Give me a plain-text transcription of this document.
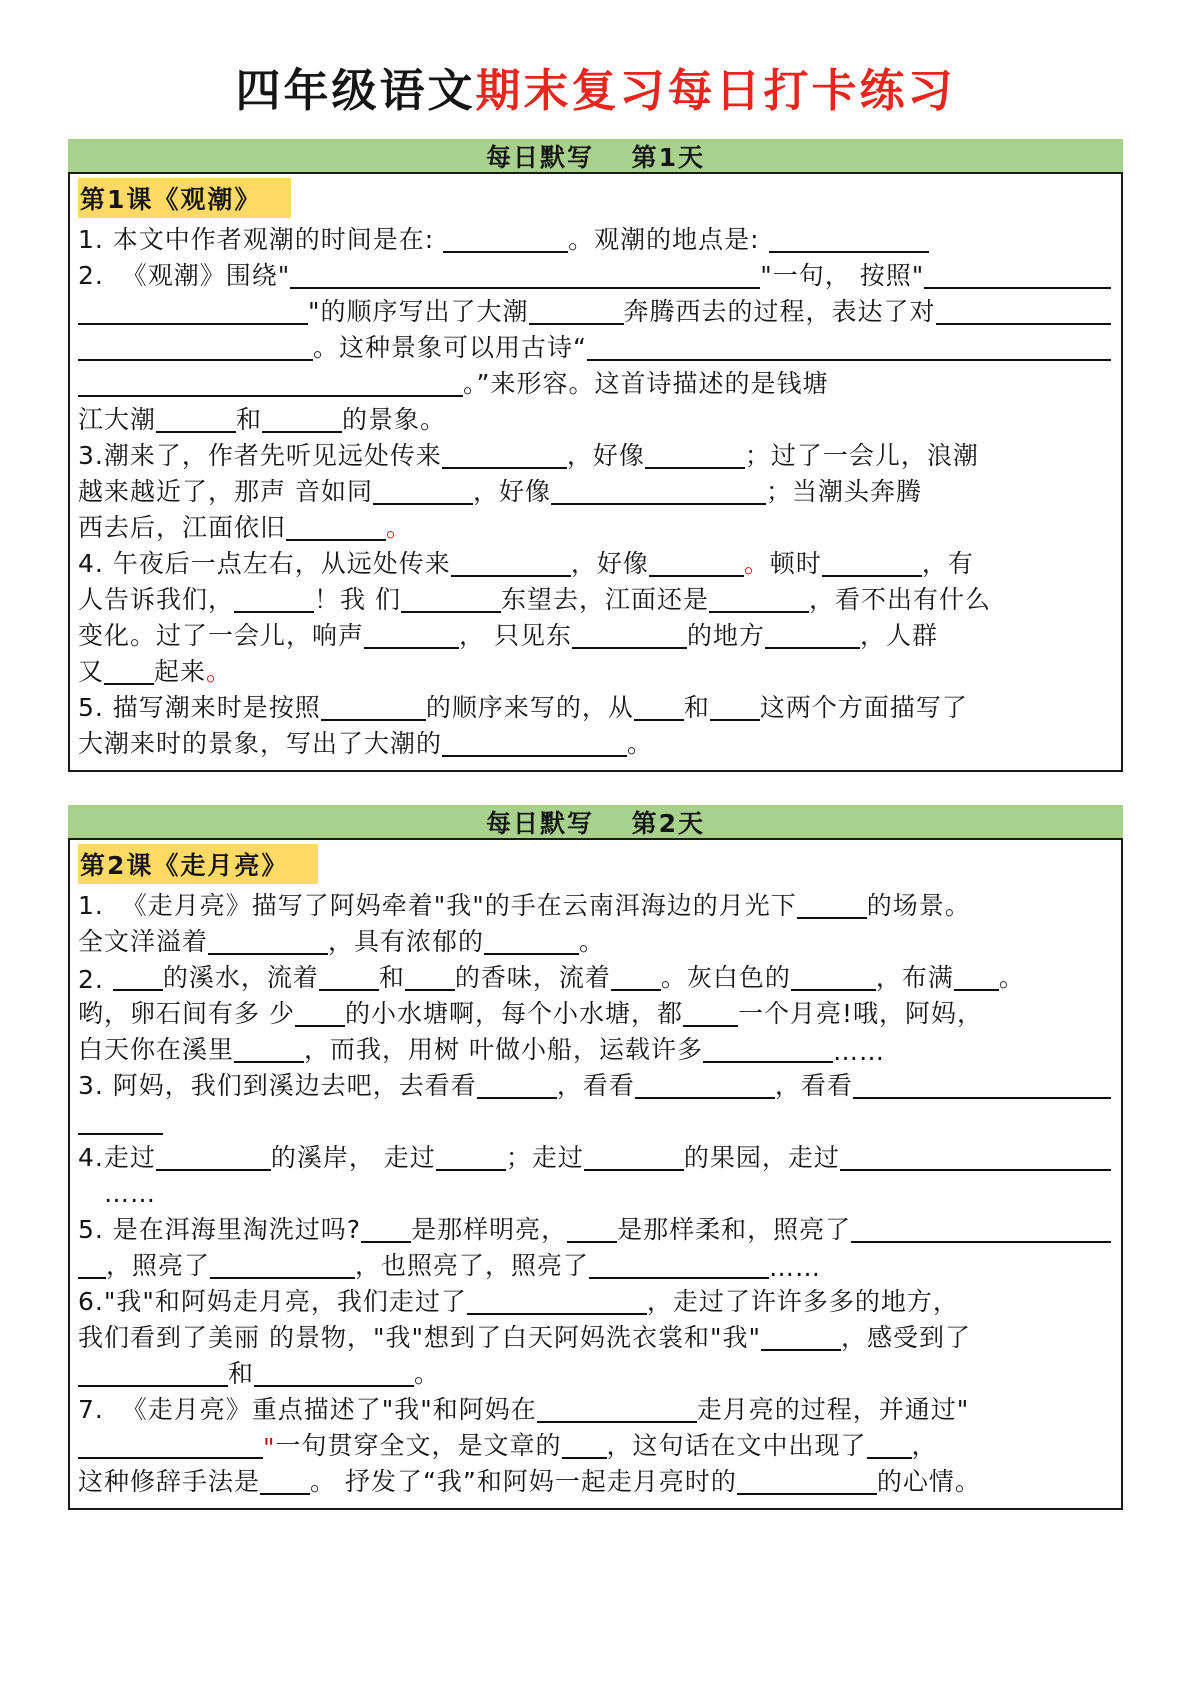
四年级语文期末复习每日打卡练习
每日默写　 第1天
第1课《观潮》
1. 本文中作者观潮的时间是在:	。观潮的地点是:
2.  《观潮》围绕"	"一句， 按照"
"的顺序写出了大潮	奔腾西去的过程，表达了对
。这种景象可以用古诗“
。”来形容。这首诗描述的是钱塘
江大潮	和	的景象。
3.潮来了，作者先听见远处传来	，好像	；过了一会儿，浪潮
越来越近了，那声 音如同	，好像	；当潮头奔腾
西去后，江面依旧	。
4. 午夜后一点左右，从远处传来	，好像	。 顿时	，有
人告诉我们，	！我 们	东望去，江面还是	，看不出有什么
变化。过了一会儿，响声	， 只见东	的地方	，人群
又 起来 。
5. 描写潮来时是按照	的顺序来写的，从 和 这两个方面描写了
大潮来时的景象，写出了大潮的	。
每日默写　 第2天
第2课《走月亮》
1.  《走月亮》描写了阿妈牵着"我"的手在云南洱海边的月光下	的场景。
全文洋溢着	，具有浓郁的	。
2. 的溪水，流着 和 的香味，流着 。灰白色的	，布满 。
哟，卵石间有多 少 的小水塘啊，每个小水塘，都 一个月亮!哦，阿妈，
白天你在溪里	，而我，用树 叶做小船，运载许多	……
3. 阿妈，我们到溪边去吧，去看看	，看看	，看看
4.走过	的溪岸， 走过	；走过	的果园，走过
　……
5. 是在洱海里淘洗过吗? 是那样明亮， 是那样柔和，照亮了
，照亮了	，也照亮了，照亮了	……
6."我"和阿妈走月亮，我们走过了	，走过了许许多多的地方，
我们看到了美丽 的景物，"我"想到了白天阿妈洗衣裳和"我"	，感受到了
和	。
7.  《走月亮》重点描述了"我"和阿妈在	走月亮的过程，并通过"
" 一句贯穿全文，是文章的 ，这句话在文中出现了 ，
这种修辞手法是 。 抒发了“我”和阿妈一起走月亮时的	的心情。
